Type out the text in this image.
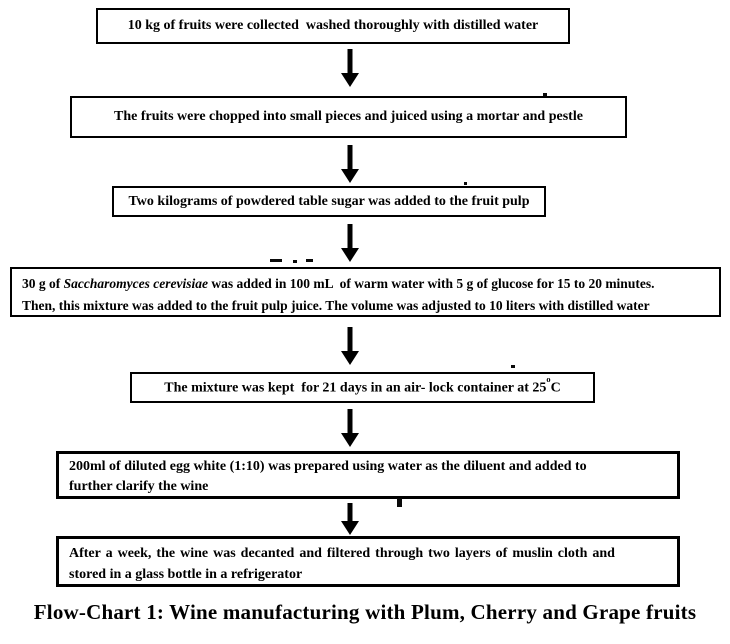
10 kg of fruits were collected  washed thoroughly with distilled water
The fruits were chopped into small pieces and juiced using a mortar and pestle
Two kilograms of powdered table sugar was added to the fruit pulp
30 g of Saccharomyces cerevisiae was added in 100 mL  of warm water with 5 g of glucose for 15 to 20 minutes.
Then, this mixture was added to the fruit pulp juice. The volume was adjusted to 10 liters with distilled water
The mixture was kept  for 21 days in an air- lock container at 25$^o$C
200ml of diluted egg white (1:10) was prepared using water as the diluent and added to
further clarify the wine
After a week, the wine was decanted and filtered through two layers of muslin cloth and
stored in a glass bottle in a refrigerator
Flow-Chart 1: Wine manufacturing with Plum, Cherry and Grape fruits
